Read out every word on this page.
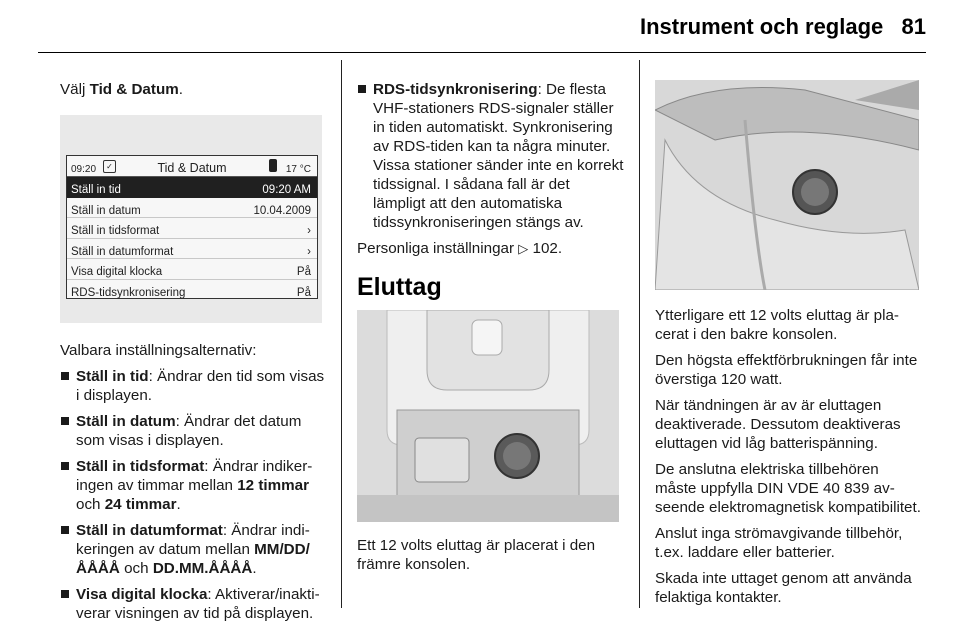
Instrument och reglage 81

Välj Tid & Datum.

09:20	✓	Tid & Datum	17 °C
Ställ in tid	09:20 AM
Ställ in datum	10.04.2009
Ställ in tidsformat	›
Ställ in datumformat	›
Visa digital klocka	På
RDS-tidsynkronisering	På

Valbara inställningsalternativ:

Ställ in tid: Ändrar den tid som visas i displayen.
Ställ in datum: Ändrar det datum som visas i displayen.
Ställ in tidsformat: Ändrar indikeringen av timmar mellan 12 timmar och 24 timmar.
Ställ in datumformat: Ändrar indikeringen av datum mellan MM/DD/ÅÅÅÅ och DD.MM.ÅÅÅÅ.
Visa digital klocka: Aktiverar/inaktiverar visningen av tid på displayen.
RDS-tidsynkronisering: De flesta VHF-stationers RDS-signaler ställer in tiden automatiskt. Synkronisering av RDS-tiden kan ta några minuter. Vissa stationer sänder inte en korrekt tidssignal. I sådana fall är det lämpligt att den automatiska tidssynkroniseringen stängs av.

Personliga inställningar ▷ 102.

Eluttag

Ett 12 volts eluttag är placerat i den främre konsolen.

Ytterligare ett 12 volts eluttag är placerat i den bakre konsolen.

Den högsta effektförbrukningen får inte överstiga 120 watt.

När tändningen är av är eluttagen deaktiverade. Dessutom deaktiveras eluttagen vid låg batterispänning.

De anslutna elektriska tillbehören måste uppfylla DIN VDE 40 839 avseende elektromagnetisk kompatibilitet.

Anslut inga strömavgivande tillbehör, t.ex. laddare eller batterier.

Skada inte uttaget genom att använda felaktiga kontakter.
